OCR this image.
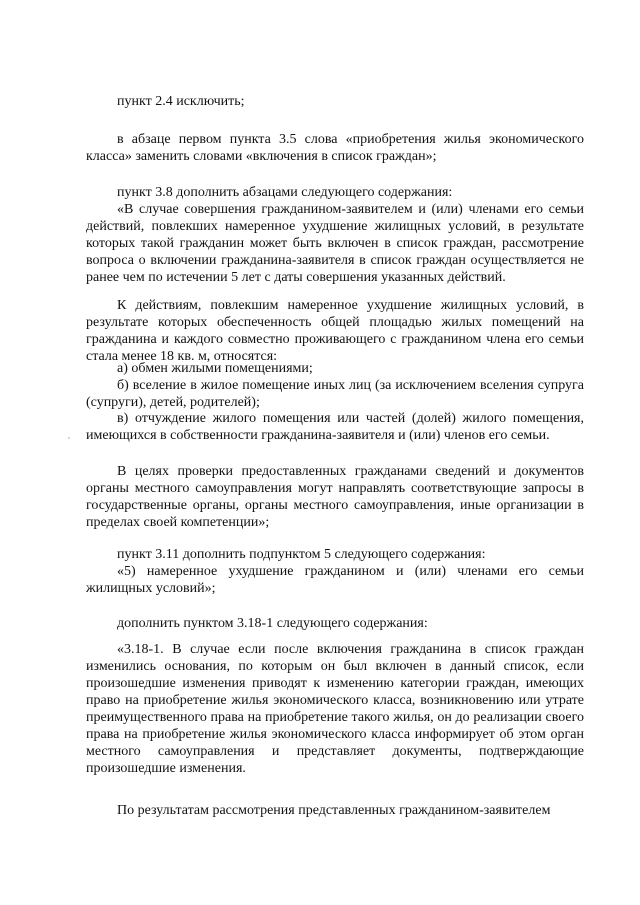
пункт 2.4 исключить;

в абзаце первом пункта 3.5 слова «приобретения жилья экономического класса» заменить словами «включения в список граждан»;

пункт 3.8 дополнить абзацами следующего содержания:

«В случае совершения гражданином-заявителем и (или) членами его семьи действий, повлекших намеренное ухудшение жилищных условий, в результате которых такой гражданин может быть включен в список граждан, рассмотрение вопроса о включении гражданина-заявителя в список граждан осуществляется не ранее чем по истечении 5 лет с даты совершения указанных действий.

К действиям, повлекшим намеренное ухудшение жилищных условий, в результате которых обеспеченность общей площадью жилых помещений на гражданина и каждого совместно проживающего с гражданином члена его семьи стала менее 18 кв. м, относятся:

а) обмен жилыми помещениями;

б) вселение в жилое помещение иных лиц (за исключением вселения супруга (супруги), детей, родителей);

в) отчуждение жилого помещения или частей (долей) жилого помещения, имеющихся в собственности гражданина-заявителя и (или) членов его семьи.

В целях проверки предоставленных гражданами сведений и документов органы местного самоуправления могут направлять соответствующие запросы в государственные органы, органы местного самоуправления, иные организации в пределах своей компетенции»;

пункт 3.11 дополнить подпунктом 5 следующего содержания:

«5) намеренное ухудшение гражданином и (или) членами его семьи жилищных условий»;

дополнить пунктом 3.18-1 следующего содержания:

«3.18-1. В случае если после включения гражданина в список граждан изменились основания, по которым он был включен в данный список, если произошедшие изменения приводят к изменению категории граждан, имеющих право на приобретение жилья экономического класса, возникновению или утрате преимущественного права на приобретение такого жилья, он до реализации своего права на приобретение жилья экономического класса информирует об этом орган местного самоуправления и представляет документы, подтверждающие произошедшие изменения.

По результатам рассмотрения представленных гражданином-заявителем
